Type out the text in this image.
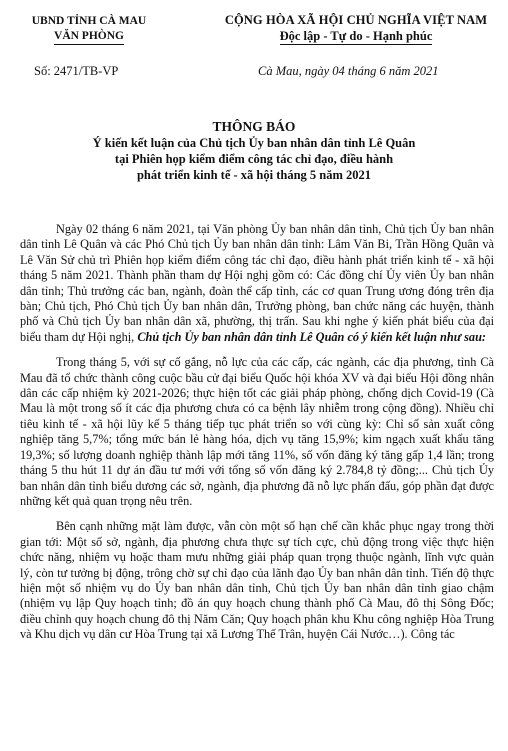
UBND TỈNH CÀ MAU
VĂN PHÒNG
CỘNG HÒA XÃ HỘI CHỦ NGHĨA VIỆT NAM
Độc lập - Tự do - Hạnh phúc
Số: 2471/TB-VP	Cà Mau, ngày 04 tháng 6 năm 2021
THÔNG BÁO
Ý kiến kết luận của Chủ tịch Ủy ban nhân dân tỉnh Lê Quân
tại Phiên họp kiểm điểm công tác chỉ đạo, điều hành
phát triển kinh tế - xã hội tháng 5 năm 2021

Ngày 02 tháng 6 năm 2021, tại Văn phòng Ủy ban nhân dân tỉnh, Chủ tịch Ủy ban nhân dân tỉnh Lê Quân và các Phó Chủ tịch Ủy ban nhân dân tỉnh: Lâm Văn Bi, Trần Hồng Quân và Lê Văn Sử chủ trì Phiên họp kiểm điểm công tác chỉ đạo, điều hành phát triển kinh tế - xã hội tháng 5 năm 2021. Thành phần tham dự Hội nghị gồm có: Các đồng chí Ủy viên Ủy ban nhân dân tỉnh; Thủ trưởng các ban, ngành, đoàn thể cấp tỉnh, các cơ quan Trung ương đóng trên địa bàn; Chủ tịch, Phó Chủ tịch Ủy ban nhân dân, Trưởng phòng, ban chức năng các huyện, thành phố và Chủ tịch Ủy ban nhân dân xã, phường, thị trấn. Sau khi nghe ý kiến phát biểu của đại biểu tham dự Hội nghị, Chủ tịch Ủy ban nhân dân tỉnh Lê Quân có ý kiến kết luận như sau:

Trong tháng 5, với sự cố gắng, nỗ lực của các cấp, các ngành, các địa phương, tỉnh Cà Mau đã tổ chức thành công cuộc bầu cử đại biểu Quốc hội khóa XV và đại biểu Hội đồng nhân dân các cấp nhiệm kỳ 2021-2026; thực hiện tốt các giải pháp phòng, chống dịch Covid-19 (Cà Mau là một trong số ít các địa phương chưa có ca bệnh lây nhiễm trong cộng đồng). Nhiều chỉ tiêu kinh tế - xã hội lũy kế 5 tháng tiếp tục phát triển so với cùng kỳ: Chỉ số sản xuất công nghiệp tăng 5,7%; tổng mức bán lẻ hàng hóa, dịch vụ tăng 15,9%; kim ngạch xuất khẩu tăng 19,3%; số lượng doanh nghiệp thành lập mới tăng 11%, số vốn đăng ký tăng gấp 1,4 lần; trong tháng 5 thu hút 11 dự án đầu tư mới với tổng số vốn đăng ký 2.784,8 tỷ đồng;... Chủ tịch Ủy ban nhân dân tỉnh biểu dương các sở, ngành, địa phương đã nỗ lực phấn đấu, góp phần đạt được những kết quả quan trọng nêu trên.

Bên cạnh những mặt làm được, vẫn còn một số hạn chế cần khắc phục ngay trong thời gian tới: Một số sở, ngành, địa phương chưa thực sự tích cực, chủ động trong việc thực hiện chức năng, nhiệm vụ hoặc tham mưu những giải pháp quan trọng thuộc ngành, lĩnh vực quản lý, còn tư tưởng bị động, trông chờ sự chỉ đạo của lãnh đạo Ủy ban nhân dân tỉnh. Tiến độ thực hiện một số nhiệm vụ do Ủy ban nhân dân tỉnh, Chủ tịch Ủy ban nhân dân tỉnh giao chậm (nhiệm vụ lập Quy hoạch tỉnh; đồ án quy hoạch chung thành phố Cà Mau, đô thị Sông Đốc; điều chỉnh quy hoạch chung đô thị Năm Căn; Quy hoạch phân khu Khu công nghiệp Hòa Trung và Khu dịch vụ dân cư Hòa Trung tại xã Lương Thế Trân, huyện Cái Nước…). Công tác
